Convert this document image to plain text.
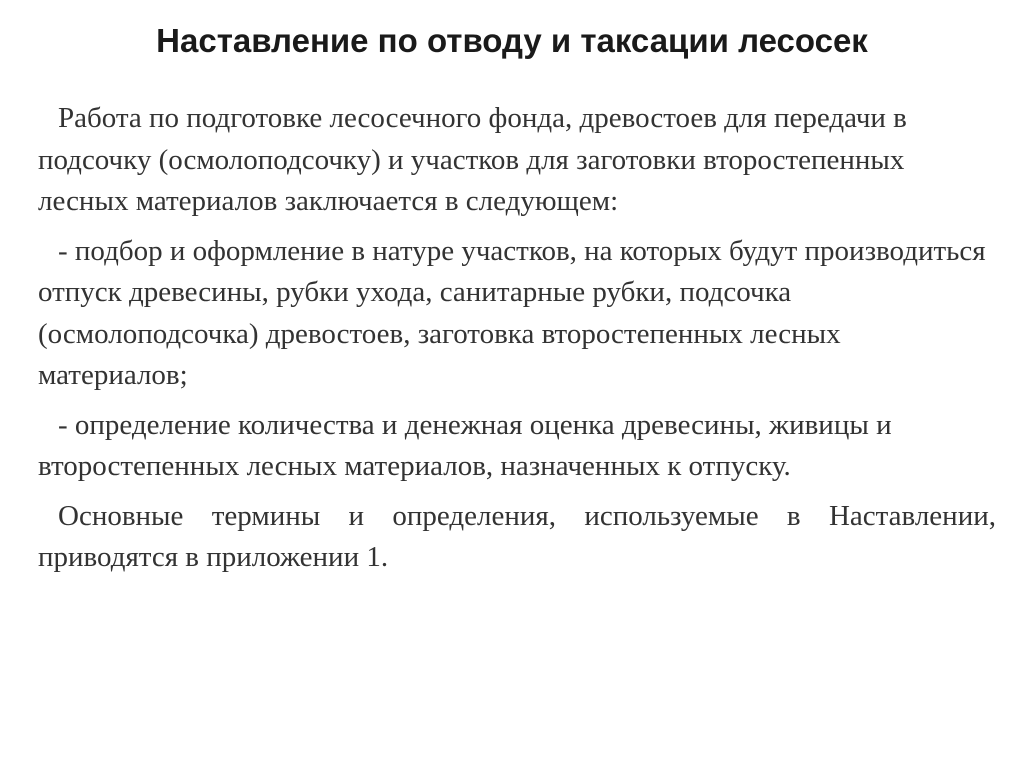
Наставление по отводу и таксации лесосек

Работа по подготовке лесосечного фонда, древостоев для передачи в подсочку (осмолоподсочку) и участков для заготовки второстепенных лесных материалов заключается в следующем:

- подбор и оформление в натуре участков, на которых будут производиться отпуск древесины, рубки ухода, санитарные рубки, подсочка (осмолоподсочка) древостоев, заготовка второстепенных лесных материалов;

- определение количества и денежная оценка древесины, живицы и второстепенных лесных материалов, назначенных к отпуску.

Основные термины и определения, используемые в Наставлении, приводятся в приложении 1.
